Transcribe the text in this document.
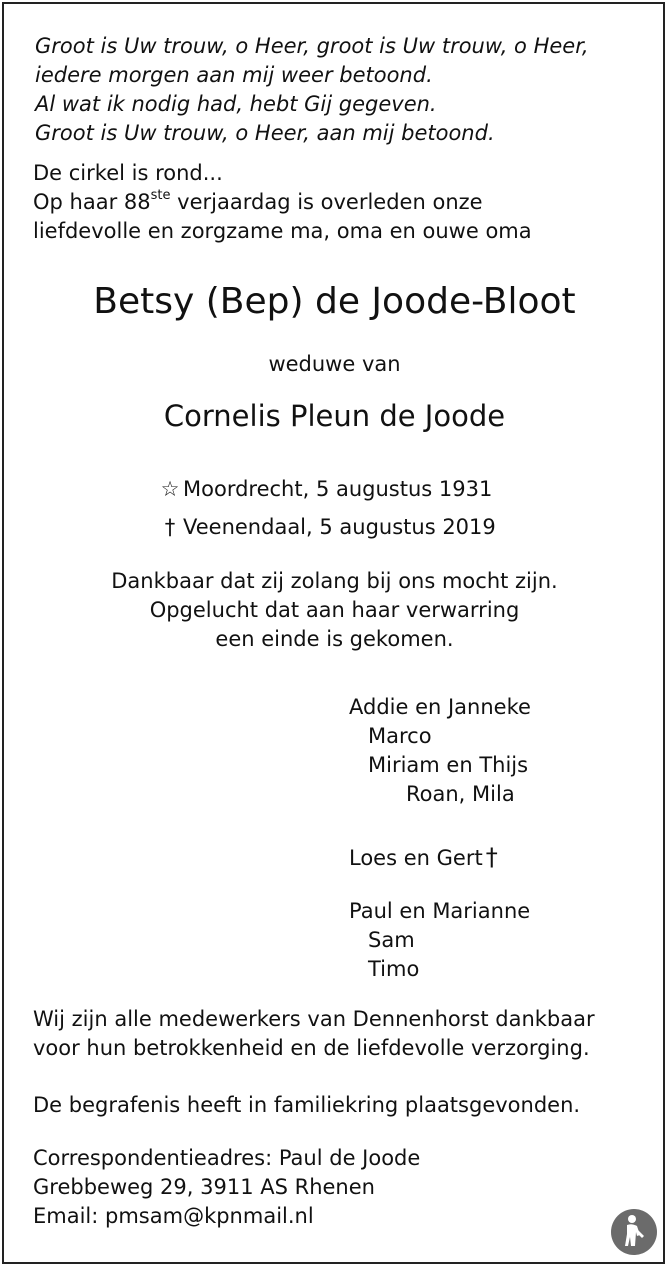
Groot is Uw trouw, o Heer, groot is Uw trouw, o Heer,
iedere morgen aan mij weer betoond.
Al wat ik nodig had, hebt Gij gegeven.
Groot is Uw trouw, o Heer, aan mij betoond.
De cirkel is rond...
Op haar 88ste verjaardag is overleden onze
liefdevolle en zorgzame ma, oma en ouwe oma
Betsy (Bep) de Joode-Bloot
weduwe van
Cornelis Pleun de Joode
☆ Moordrecht, 5 augustus 1931
† Veenendaal, 5 augustus 2019
Dankbaar dat zij zolang bij ons mocht zijn.
Opgelucht dat aan haar verwarring
een einde is gekomen.
Addie en Janneke
Marco
Miriam en Thijs
Roan, Mila
Loes en Gert †
Paul en Marianne
Sam
Timo
Wij zijn alle medewerkers van Dennenhorst dankbaar
voor hun betrokkenheid en de liefdevolle verzorging.
De begrafenis heeft in familiekring plaatsgevonden.
Correspondentieadres: Paul de Joode
Grebbeweg 29, 3911 AS Rhenen
Email: pmsam@kpnmail.nl
